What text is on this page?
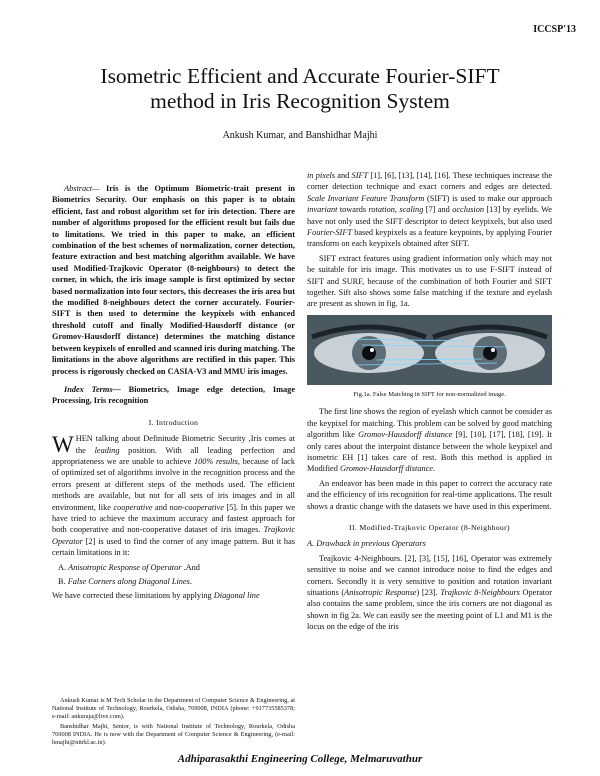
ICCSP'13
Isometric Efficient and Accurate Fourier-SIFT
method in Iris Recognition System
Ankush Kumar, and Banshidhar Majhi

Abstract— Iris is the Optimum Biometric-trait present in Biometrics Security. Our emphasis on this paper is to obtain efficient, fast and robust algorithm set for iris detection. There are number of algorithms proposed for the efficient result but fails due to limitations. We tried in this paper to make, an efficient combination of the best schemes of normalization, corner detection, feature extraction and best matching algorithm available. We have used Modified-Trajkovic Operator (8-neighbours) to detect the corner, in which, the iris image sample is first optimized by sector based normalization into four sectors, this decreases the iris area but the modified 8-neighbours detect the corner accurately. Fourier-SIFT is then used to determine the keypixels with enhanced threshold cutoff and finally Modified-Hausdorff distance (or Gromov-Hausdorff distance) determines the matching distance between keypixels of enrolled and scanned iris during matching. The limitations in the above algorithms are rectified in this paper. This process is rigorously checked on CASIA-V3 and MMU iris images.

Index Terms— Biometrics, Image edge detection, Image Processing, Iris recognition

I. Introduction

WHEN talking about Definitude Biometric Security ,Iris comes at the leading position. With all leading perfection and appropriateness we are unable to achieve 100% results, because of lack of optimized set of algorithms involve in the recognition process and the errors present at different steps of the methods used. The efficient methods are available, but not for all sets of iris images and in all environment, like cooperative and non-cooperative [5]. In this paper we have tried to achieve the maximum accuracy and fastest approach for both cooperative and non-cooperative dataset of iris images. Trajkovic Operator [2] is used to find the corner of any image pattern. But it has certain limitations in it:

A. Anisotropic Response of Operator .And

B. False Corners along Diagonal Lines.

We have corrected these limitations by applying Diagonal line

Ankush Kumar is M Tech Scholar in the Department of Computer Science & Engineering, at National Institute of Technology, Rourkela, Odisha, 769008, INDIA (phone: +917735585378; e-mail: ankuraja@live.com).

Banshidhar Majhi, Senior, is with National Institute of Technology, Rourkela, Odisha 769008 INDIA. He is now with the Department of Computer Science & Engineering, (e-mail: bmajhi@nitrkl.ac.in).

in pixels and SIFT [1], [6], [13], [14], [16]. These techniques increase the corner detection technique and exact corners and edges are detected. Scale Invariant Feature Transform (SIFT) is used to make our approach invariant towards rotation, scaling [7] and occlusion [13] by eyelids. We have not only used the SIFT descriptor to detect keypixels, but also used Fourier-SIFT based keypixels as a feature keypoints, by applying Fourier transform on each keypixels obtained after SIFT.

SIFT extract features using gradient information only which may not be suitable for iris image. This motivates us to use F-SIFT instead of SIFT and SURF, because of the combination of both Fourier and SIFT together. Sift also shows some false matching if the texture and eyelash are present as shown in fig. 1a.

Fig.1a. False Matching in SIFT for non-normalized image.

The first line shows the region of eyelash which cannot be consider as the keypixel for matching. This problem can be solved by good matching algorithm like Gromov-Hausdorff distance [9], [10], [17], [18], [19]. It only cares about the interpoint distance between the whole keypixel and isometric EH [1] takes care of rest. Both this method is applied in Modified Gromov-Hausdorff distance.

An endeavor has been made in this paper to correct the accuracy rate and the efficiency of iris recognition for real-time applications. The result shows a drastic change with the datasets we have used in this experiment.

II. Modified-Trajkovic Operator (8-Neighbour)

A. Drawback in previous Operators

Teajkovic 4-Neighbours. [2], [3], [15], [16], Operator was extremely sensitive to noise and we cannot introduce noise to find the edges and corners. Secondly it is very sensitive to position and rotation invariant situations (Anisotropic Response) [23]. Trajkovic 8-Neighbours Operator also contains the same problem, since the iris corners are not diagonal as shown in fig 2a. We can easily see the meeting point of L1 and M1 is the locus on the edge of the iris

Adhiparasakthi Engineering College, Melmaruvathur
